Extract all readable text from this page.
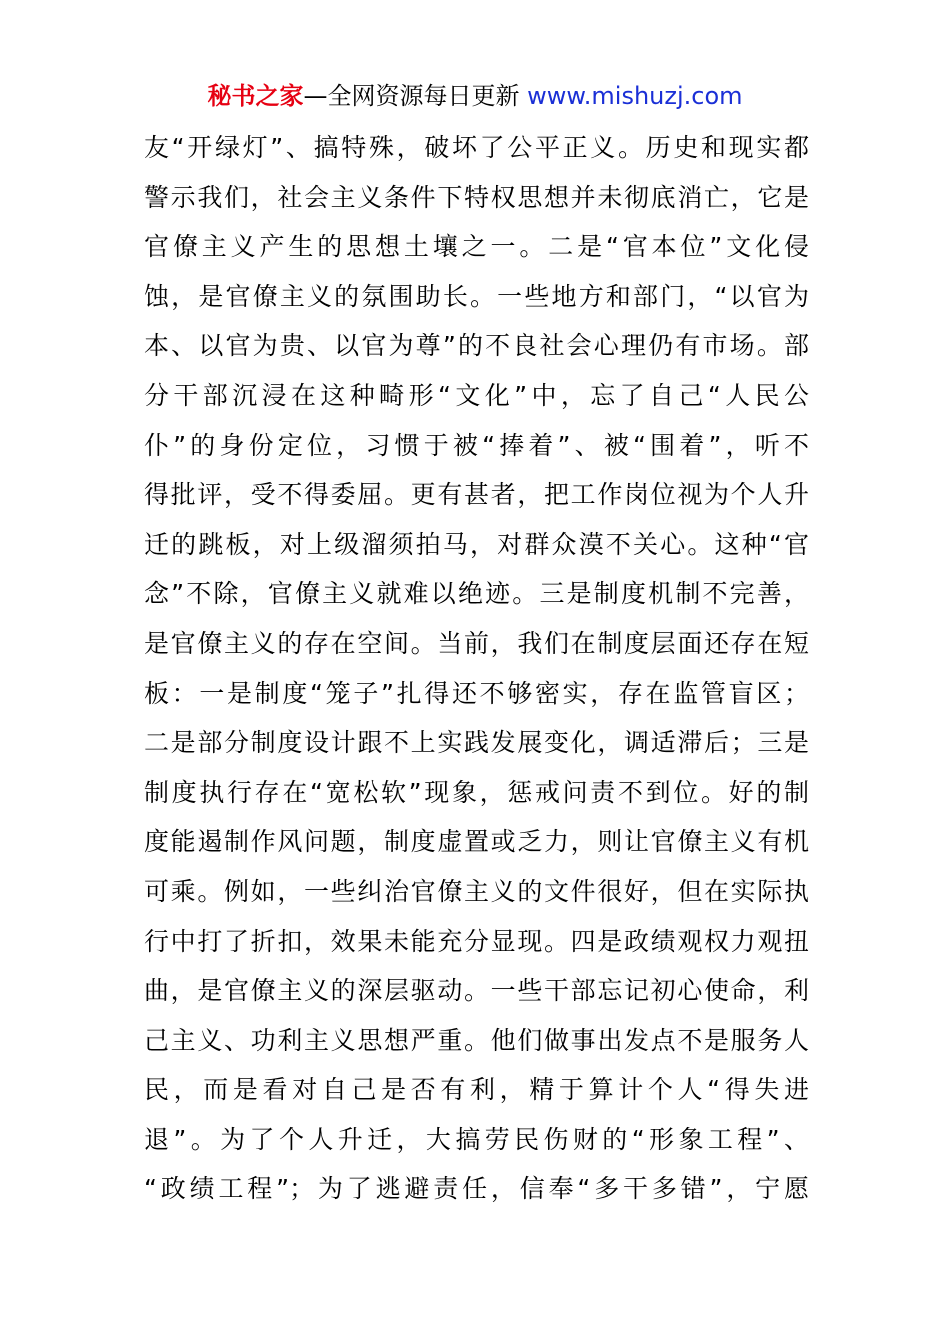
秘书之家—全网资源每日更新 www.mishuzj.com
友“开绿灯”、搞特殊，破坏了公平正义。历史和现实都
警示我们，社会主义条件下特权思想并未彻底消亡，它是
官僚主义产生的思想土壤之一。二是“官本位”文化侵
蚀，是官僚主义的氛围助长。一些地方和部门，“以官为
本、以官为贵、以官为尊”的不良社会心理仍有市场。部
分干部沉浸在这种畸形“文化”中，忘了自己“人民公
仆”的身份定位，习惯于被“捧着”、被“围着”，听不
得批评，受不得委屈。更有甚者，把工作岗位视为个人升
迁的跳板，对上级溜须拍马，对群众漠不关心。这种“官
念”不除，官僚主义就难以绝迹。三是制度机制不完善，
是官僚主义的存在空间。当前，我们在制度层面还存在短
板：一是制度“笼子”扎得还不够密实，存在监管盲区；
二是部分制度设计跟不上实践发展变化，调适滞后；三是
制度执行存在“宽松软”现象，惩戒问责不到位。好的制
度能遏制作风问题，制度虚置或乏力，则让官僚主义有机
可乘。例如，一些纠治官僚主义的文件很好，但在实际执
行中打了折扣，效果未能充分显现。四是政绩观权力观扭
曲，是官僚主义的深层驱动。一些干部忘记初心使命，利
己主义、功利主义思想严重。他们做事出发点不是服务人
民，而是看对自己是否有利，精于算计个人“得失进
退”。为了个人升迁，大搞劳民伤财的“形象工程”、
“政绩工程”；为了逃避责任，信奉“多干多错”，宁愿
